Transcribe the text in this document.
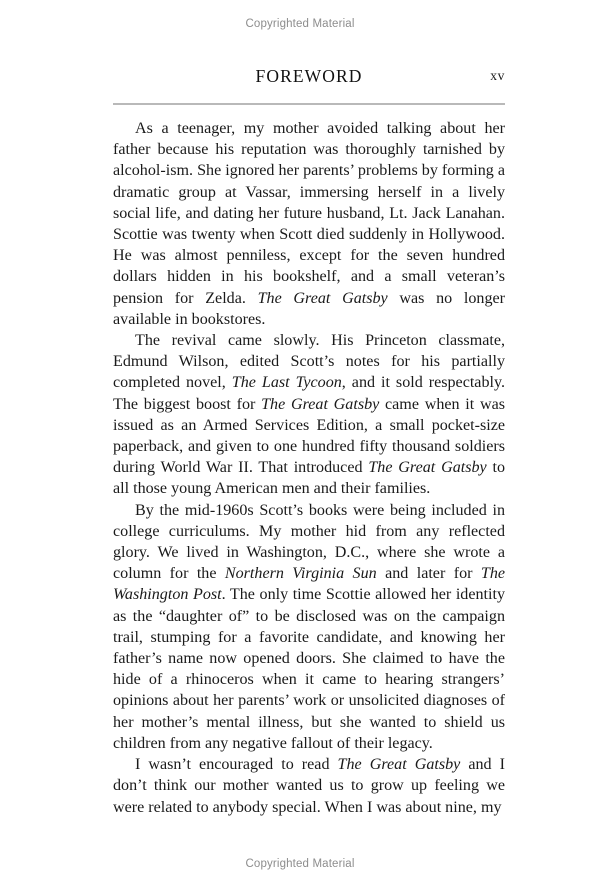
Copyrighted Material
FOREWORD	xv

As a teenager, my mother avoided talking about her father because his reputation was thoroughly tarnished by alcohol-ism. She ignored her parents’ problems by forming a dramatic group at Vassar, immersing herself in a lively social life, and dating her future husband, Lt. Jack Lanahan. Scottie was twenty when Scott died suddenly in Hollywood. He was almost penniless, except for the seven hundred dollars hidden in his bookshelf, and a small veteran’s pension for Zelda. The Great Gatsby was no longer available in bookstores.

The revival came slowly. His Princeton classmate, Edmund Wilson, edited Scott’s notes for his partially completed novel, The Last Tycoon, and it sold respectably. The biggest boost for The Great Gatsby came when it was issued as an Armed Services Edition, a small pocket-size paperback, and given to one hundred fifty thousand soldiers during World War II. That introduced The Great Gatsby to all those young American men and their families.

By the mid-1960s Scott’s books were being included in college curriculums. My mother hid from any reflected glory. We lived in Washington, D.C., where she wrote a column for the Northern Virginia Sun and later for The Washington Post. The only time Scottie allowed her identity as the “daughter of” to be disclosed was on the campaign trail, stumping for a favorite candidate, and knowing her father’s name now opened doors. She claimed to have the hide of a rhinoceros when it came to hearing strangers’ opinions about her parents’ work or unsolicited diagnoses of her mother’s mental illness, but she wanted to shield us children from any negative fallout of their legacy.

I wasn’t encouraged to read The Great Gatsby and I don’t think our mother wanted us to grow up feeling we were related to anybody special. When I was about nine, my

Copyrighted Material
